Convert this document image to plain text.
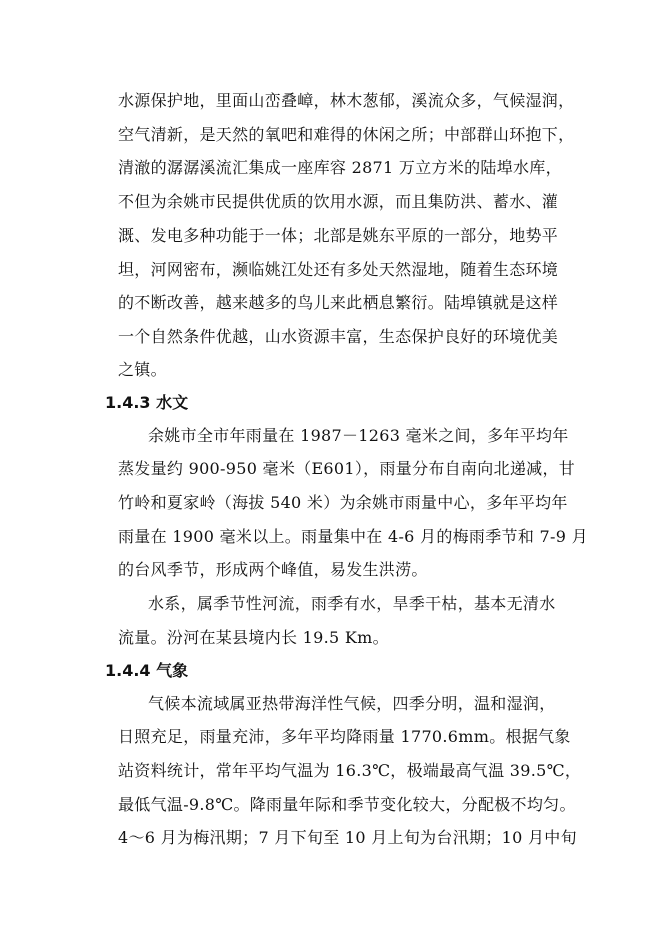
水源保护地，里面山峦叠嶂，林木葱郁，溪流众多，气候湿润，
空气清新，是天然的氧吧和难得的休闲之所；中部群山环抱下，
清澈的潺潺溪流汇集成一座库容 2871 万立方米的陆埠水库，
不但为余姚市民提供优质的饮用水源，而且集防洪、蓄水、灌
溉、发电多种功能于一体；北部是姚东平原的一部分，地势平
坦，河网密布，濒临姚江处还有多处天然湿地，随着生态环境
的不断改善，越来越多的鸟儿来此栖息繁衍。陆埠镇就是这样
一个自然条件优越，山水资源丰富，生态保护良好的环境优美
之镇。
1.4.3 水文
余姚市全市年雨量在 1987－1263 毫米之间，多年平均年
蒸发量约 900-950 毫米（E601），雨量分布自南向北递减，甘
竹岭和夏家岭（海拔 540 米）为余姚市雨量中心，多年平均年
雨量在 1900 毫米以上。雨量集中在 4-6 月的梅雨季节和 7-9 月
的台风季节，形成两个峰值，易发生洪涝。
水系，属季节性河流，雨季有水，旱季干枯，基本无清水
流量。汾河在某县境内长 19.5 Km。
1.4.4 气象
气候本流域属亚热带海洋性气候，四季分明，温和湿润，
日照充足，雨量充沛，多年平均降雨量 1770.6mm。根据气象
站资料统计，常年平均气温为 16.3℃，极端最高气温 39.5℃，
最低气温-9.8℃。降雨量年际和季节变化较大，分配极不均匀。
4～6 月为梅汛期；7 月下旬至 10 月上旬为台汛期；10 月中旬
